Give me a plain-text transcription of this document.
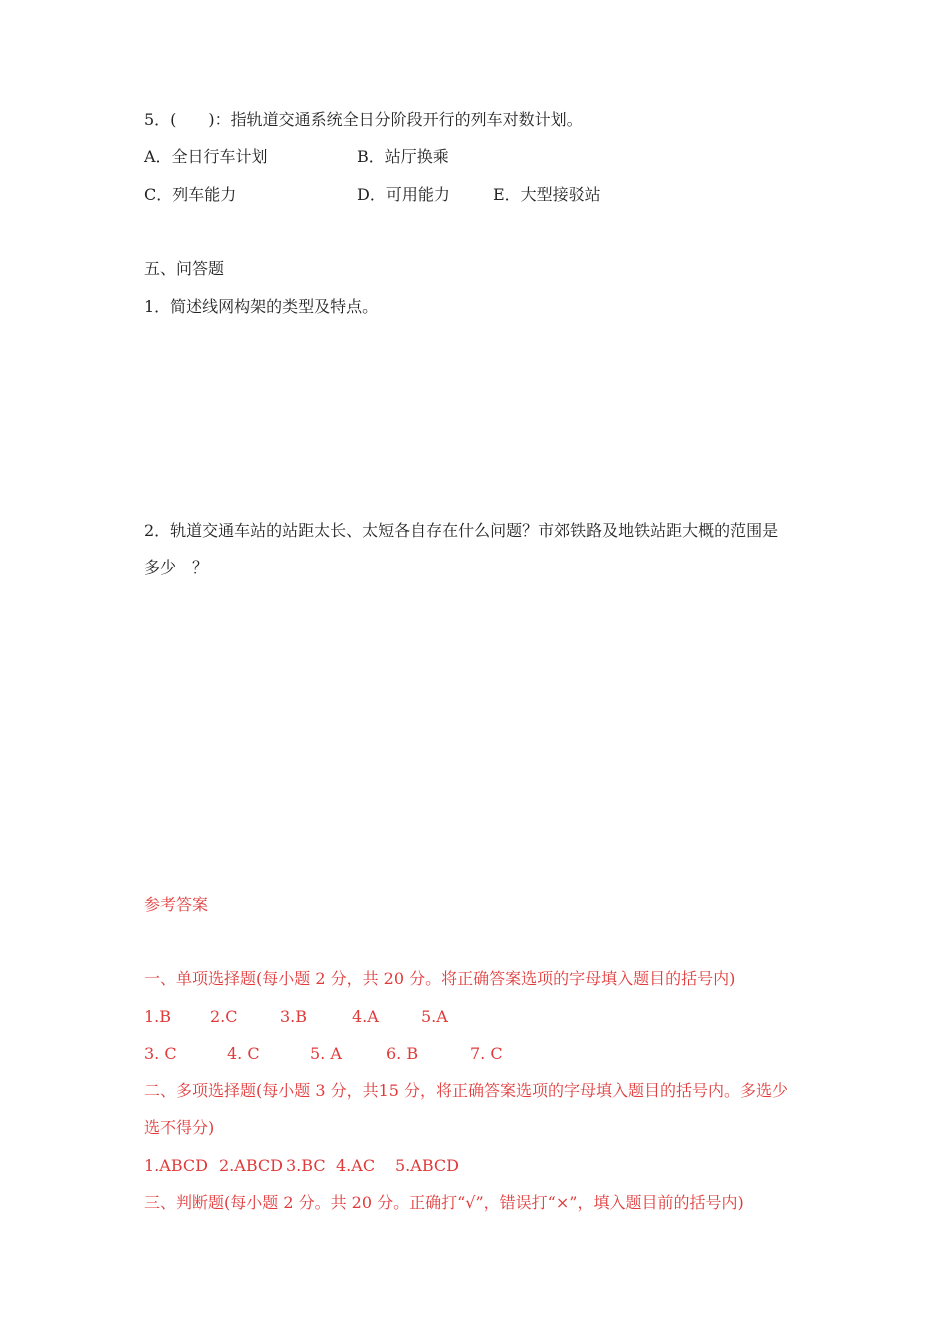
5．(　　)：指轨道交通系统全日分阶段开行的列车对数计划。
A．全日行车计划	B．站厅换乘
C．列车能力	D．可用能力	E．大型接驳站
五、问答题
1．简述线网构架的类型及特点。
2．轨道交通车站的站距太长、太短各自存在什么问题？市郊铁路及地铁站距大概的范围是
多少　？
参考答案
一、单项选择题(每小题 2 分，共 20 分。将正确答案选项的字母填入题目的括号内)
1.B 2.C	3.B	4.A	5.A
3. C	4. C	5. A	6. B	7. C
二、多项选择题(每小题 3 分，共15 分，将正确答案选项的字母填入题目的括号内。多选少
选不得分)
1.ABCD 2.ABCD 3.BC 4.AC 5.ABCD
三、判断题(每小题 2 分。共 20 分。正确打“√”，错误打“×”，填入题目前的括号内)
